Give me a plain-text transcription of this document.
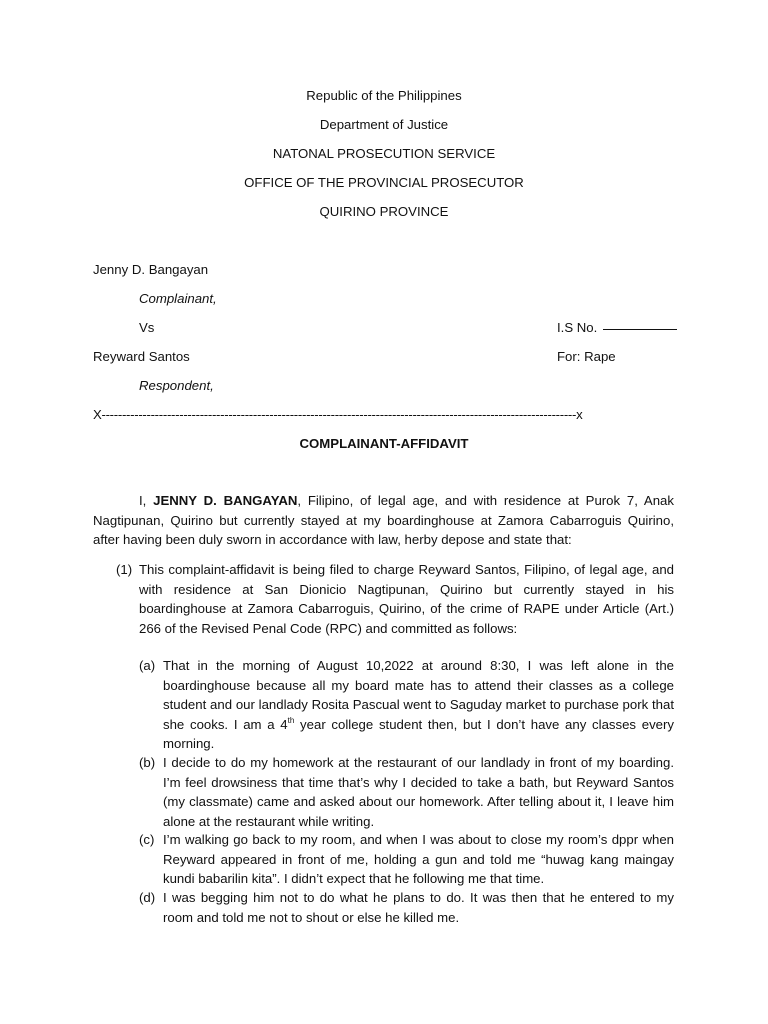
Republic of the Philippines
Department of Justice
NATONAL PROSECUTION SERVICE
OFFICE OF THE PROVINCIAL PROSECUTOR
QUIRINO PROVINCE
Jenny D. Bangayan
Complainant,
Vs	I.S No.
Reyward Santos	For: Rape
Respondent,
X--------------------------------------------------------------------------------------------------------------------x
COMPLAINANT-AFFIDAVIT

I, JENNY D. BANGAYAN, Filipino, of legal age, and with residence at Purok 7, Anak Nagtipunan, Quirino but currently stayed at my boardinghouse at Zamora Cabarroguis Quirino, after having been duly sworn in accordance with law, herby depose and state that:

(1) This complaint-affidavit is being filed to charge Reyward Santos, Filipino, of legal age, and with residence at San Dionicio Nagtipunan, Quirino but currently stayed in his boardinghouse at Zamora Cabarroguis, Quirino, of the crime of RAPE under Article (Art.) 266 of the Revised Penal Code (RPC) and committed as follows:

(a) That in the morning of August 10,2022 at around 8:30, I was left alone in the boardinghouse because all my board mate has to attend their classes as a college student and our landlady Rosita Pascual went to Saguday market to purchase pork that she cooks. I am a 4th year college student then, but I don’t have any classes every morning.

(b) I decide to do my homework at the restaurant of our landlady in front of my boarding. I’m feel drowsiness that time that’s why I decided to take a bath, but Reyward Santos (my classmate) came and asked about our homework. After telling about it, I leave him alone at the restaurant while writing.

(c) I’m walking go back to my room, and when I was about to close my room’s dppr when Reyward appeared in front of me, holding a gun and told me “huwag kang maingay kundi babarilin kita”. I didn’t expect that he following me that time.

(d) I was begging him not to do what he plans to do. It was then that he entered to my room and told me not to shout or else he killed me.
